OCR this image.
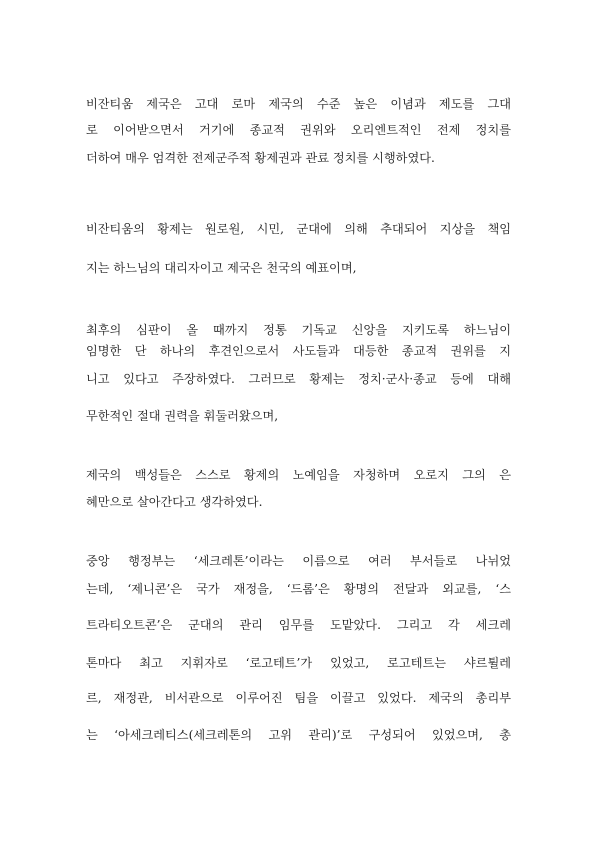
비잔티움 제국은 고대 로마 제국의 수준 높은 이념과 제도를 그대
로 이어받으면서 거기에 종교적 권위와 오리엔트적인 전제 정치를
더하여 매우 엄격한 전제군주적 황제권과 관료 정치를 시행하였다.
비잔티움의 황제는 원로원, 시민, 군대에 의해 추대되어 지상을 책임
지는 하느님의 대리자이고 제국은 천국의 예표이며,
최후의 심판이 올 때까지 정통 기독교 신앙을 지키도록 하느님이
임명한 단 하나의 후견인으로서 사도들과 대등한 종교적 권위를 지
니고 있다고 주장하였다. 그러므로 황제는 정치·군사·종교 등에 대해
무한적인 절대 권력을 휘둘러왔으며,
제국의 백성들은 스스로 황제의 노예임을 자청하며 오로지 그의 은
혜만으로 살아간다고 생각하였다.
중앙 행정부는 ‘세크레톤’이라는 이름으로 여러 부서들로 나뉘었
는데, ‘제니콘’은 국가 재정을, ‘드롬’은 황명의 전달과 외교를, ‘스
트라티오트콘’은 군대의 관리 임무를 도맡았다. 그리고 각 세크레
톤마다 최고 지휘자로 ‘로고테트’가 있었고, 로고테트는 샤르튈레
르, 재정관, 비서관으로 이루어진 팀을 이끌고 있었다. 제국의 총리부
는 ‘아세크레티스(세크레톤의 고위 관리)’로 구성되어 있었으며, 총
